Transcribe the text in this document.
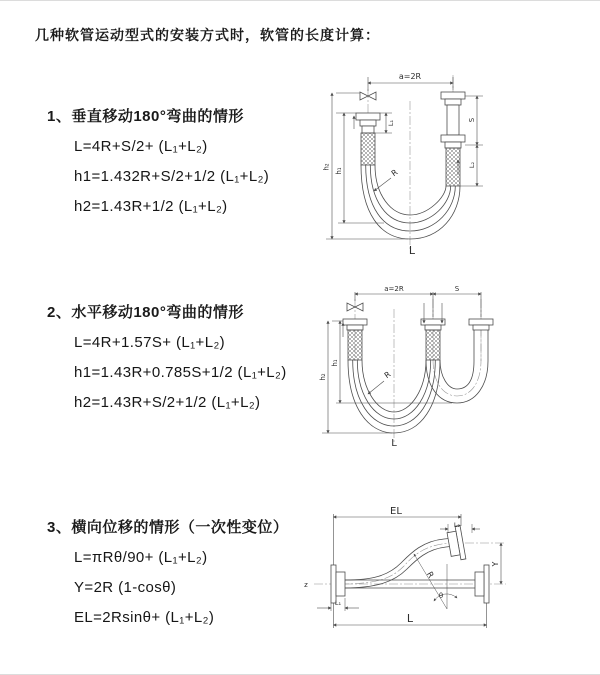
几种软管运动型式的安装方式时，软管的长度计算：
1、垂直移动180°弯曲的情形
L=4R+S/2+ (L₁+L₂)
h1=1.432R+S/2+1/2 (L₁+L₂)
h2=1.43R+1/2 (L₁+L₂)
2、水平移动180°弯曲的情形
L=4R+1.57S+ (L₁+L₂)
h1=1.43R+0.785S+1/2 (L₁+L₂)
h2=1.43R+S/2+1/2 (L₁+L₂)
3、横向位移的情形（一次性变位）
L=πRθ/90+ (L₁+L₂)
Y=2R (1-cosθ)
EL=2Rsinθ+ (L₁+L₂)
a=2R
h₂
h₁
L₁	S
L₂
R
L
a=2R	S
h₂
h₁
R
L
EL
L₂
Y
L
L₁
R
θ
z
